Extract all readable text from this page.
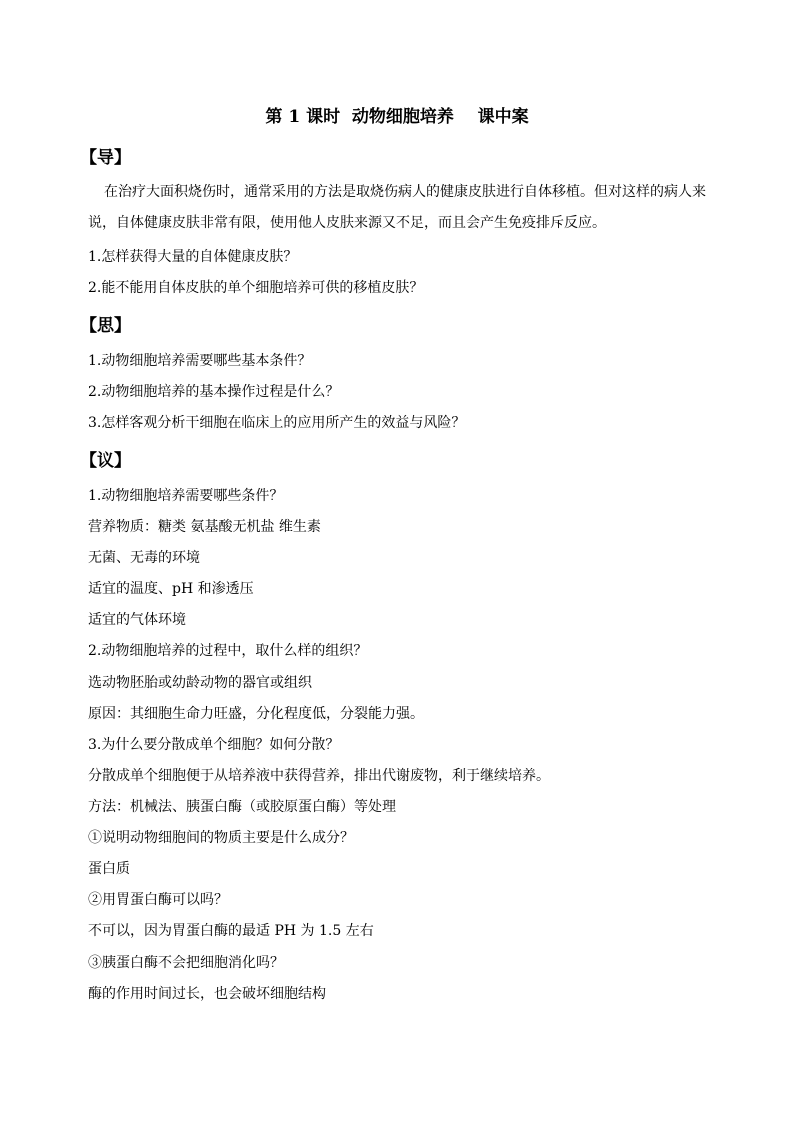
第 1 课时  动物细胞培养    课中案
【导】
在治疗大面积烧伤时，通常采用的方法是取烧伤病人的健康皮肤进行自体移植。但对这样的病人来说，自体健康皮肤非常有限，使用他人皮肤来源又不足，而且会产生免疫排斥反应。
1.怎样获得大量的自体健康皮肤？
2.能不能用自体皮肤的单个细胞培养可供的移植皮肤？
【思】
1.动物细胞培养需要哪些基本条件？
2.动物细胞培养的基本操作过程是什么？
3.怎样客观分析干细胞在临床上的应用所产生的效益与风险？
【议】
1.动物细胞培养需要哪些条件？
营养物质：糖类 氨基酸无机盐 维生素
无菌、无毒的环境
适宜的温度、pH 和渗透压
适宜的气体环境
2.动物细胞培养的过程中，取什么样的组织？
选动物胚胎或幼龄动物的器官或组织
原因：其细胞生命力旺盛，分化程度低，分裂能力强。
3.为什么要分散成单个细胞？如何分散？
分散成单个细胞便于从培养液中获得营养，排出代谢废物，利于继续培养。
方法：机械法、胰蛋白酶（或胶原蛋白酶）等处理
①说明动物细胞间的物质主要是什么成分？
蛋白质
②用胃蛋白酶可以吗？
不可以，因为胃蛋白酶的最适 PH 为 1.5 左右
③胰蛋白酶不会把细胞消化吗？
酶的作用时间过长，也会破坏细胞结构
